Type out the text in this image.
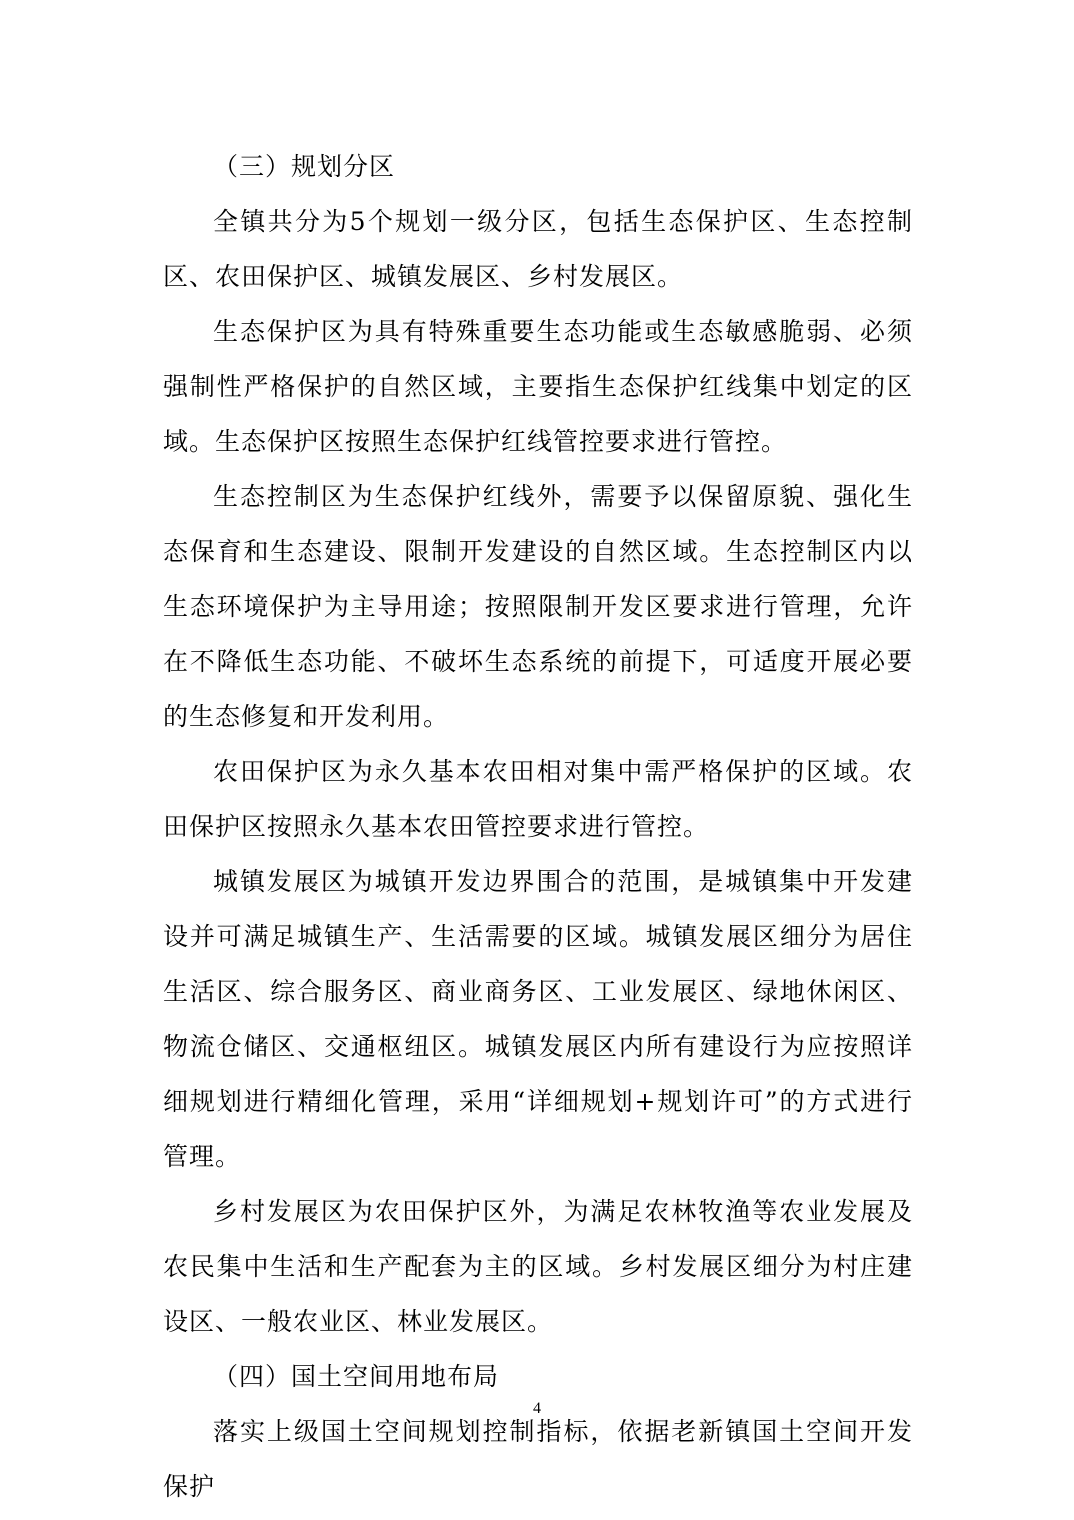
（三）规划分区

全镇共分为5个规划一级分区，包括生态保护区、生态控制区、农田保护区、城镇发展区、乡村发展区。

生态保护区为具有特殊重要生态功能或生态敏感脆弱、必须强制性严格保护的自然区域，主要指生态保护红线集中划定的区域。生态保护区按照生态保护红线管控要求进行管控。

生态控制区为生态保护红线外，需要予以保留原貌、强化生态保育和生态建设、限制开发建设的自然区域。生态控制区内以生态环境保护为主导用途；按照限制开发区要求进行管理，允许在不降低生态功能、不破坏生态系统的前提下，可适度开展必要的生态修复和开发利用。

农田保护区为永久基本农田相对集中需严格保护的区域。农田保护区按照永久基本农田管控要求进行管控。

城镇发展区为城镇开发边界围合的范围，是城镇集中开发建设并可满足城镇生产、生活需要的区域。城镇发展区细分为居住生活区、综合服务区、商业商务区、工业发展区、绿地休闲区、物流仓储区、交通枢纽区。城镇发展区内所有建设行为应按照详细规划进行精细化管理，采用“详细规划+规划许可”的方式进行管理。

乡村发展区为农田保护区外，为满足农林牧渔等农业发展及农民集中生活和生产配套为主的区域。乡村发展区细分为村庄建设区、一般农业区、林业发展区。

（四）国土空间用地布局

落实上级国土空间规划控制指标，依据老新镇国土空间开发保护

4
